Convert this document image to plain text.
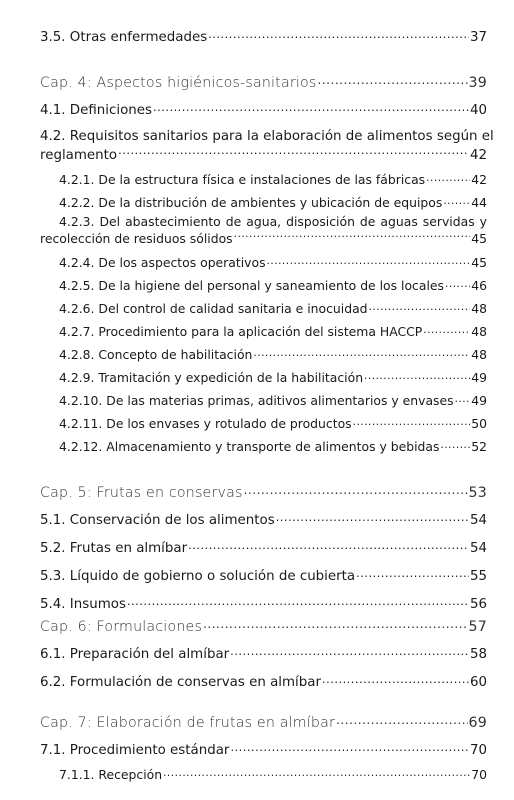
3.5. Otras enfermedades .....	37
Cap. 4: Aspectos higiénicos-sanitarios .....	39
4.1. Definiciones .....	40
4.2. Requisitos sanitarios para la elaboración de alimentos según el
reglamento .....	42
4.2.1. De la estructura física e instalaciones de las fábricas .....	42
4.2.2. De la distribución de ambientes y ubicación de equipos ..... 44
4.2.3. Del abastecimiento de agua, disposición de aguas servidas y
recolección de residuos sólidos .....	45
4.2.4. De los aspectos operativos .....	45
4.2.5. De la higiene del personal y saneamiento de los locales ..... 46
4.2.6. Del control de calidad sanitaria e inocuidad .....	48
4.2.7. Procedimiento para la aplicación del sistema HACCP .....	48
4.2.8. Concepto de habilitación .....	48
4.2.9. Tramitación y expedición de la habilitación .....	49
4.2.10. De las materias primas, aditivos alimentarios y envases ..... 49
4.2.11. De los envases y rotulado de productos .....	50
4.2.12. Almacenamiento y transporte de alimentos y bebidas .....	52
Cap. 5: Frutas en conservas .....	53
5.1. Conservación de los alimentos .....	54
5.2. Frutas en almíbar .....	54
5.3. Líquido de gobierno o solución de cubierta .....	55
5.4. Insumos .....	56
Cap. 6: Formulaciones .....	57
6.1. Preparación del almíbar .....	58
6.2. Formulación de conservas en almíbar .....	60
Cap. 7: Elaboración de frutas en almíbar .....	69
7.1. Procedimiento estándar .....	70
7.1.1. Recepción .....	70
